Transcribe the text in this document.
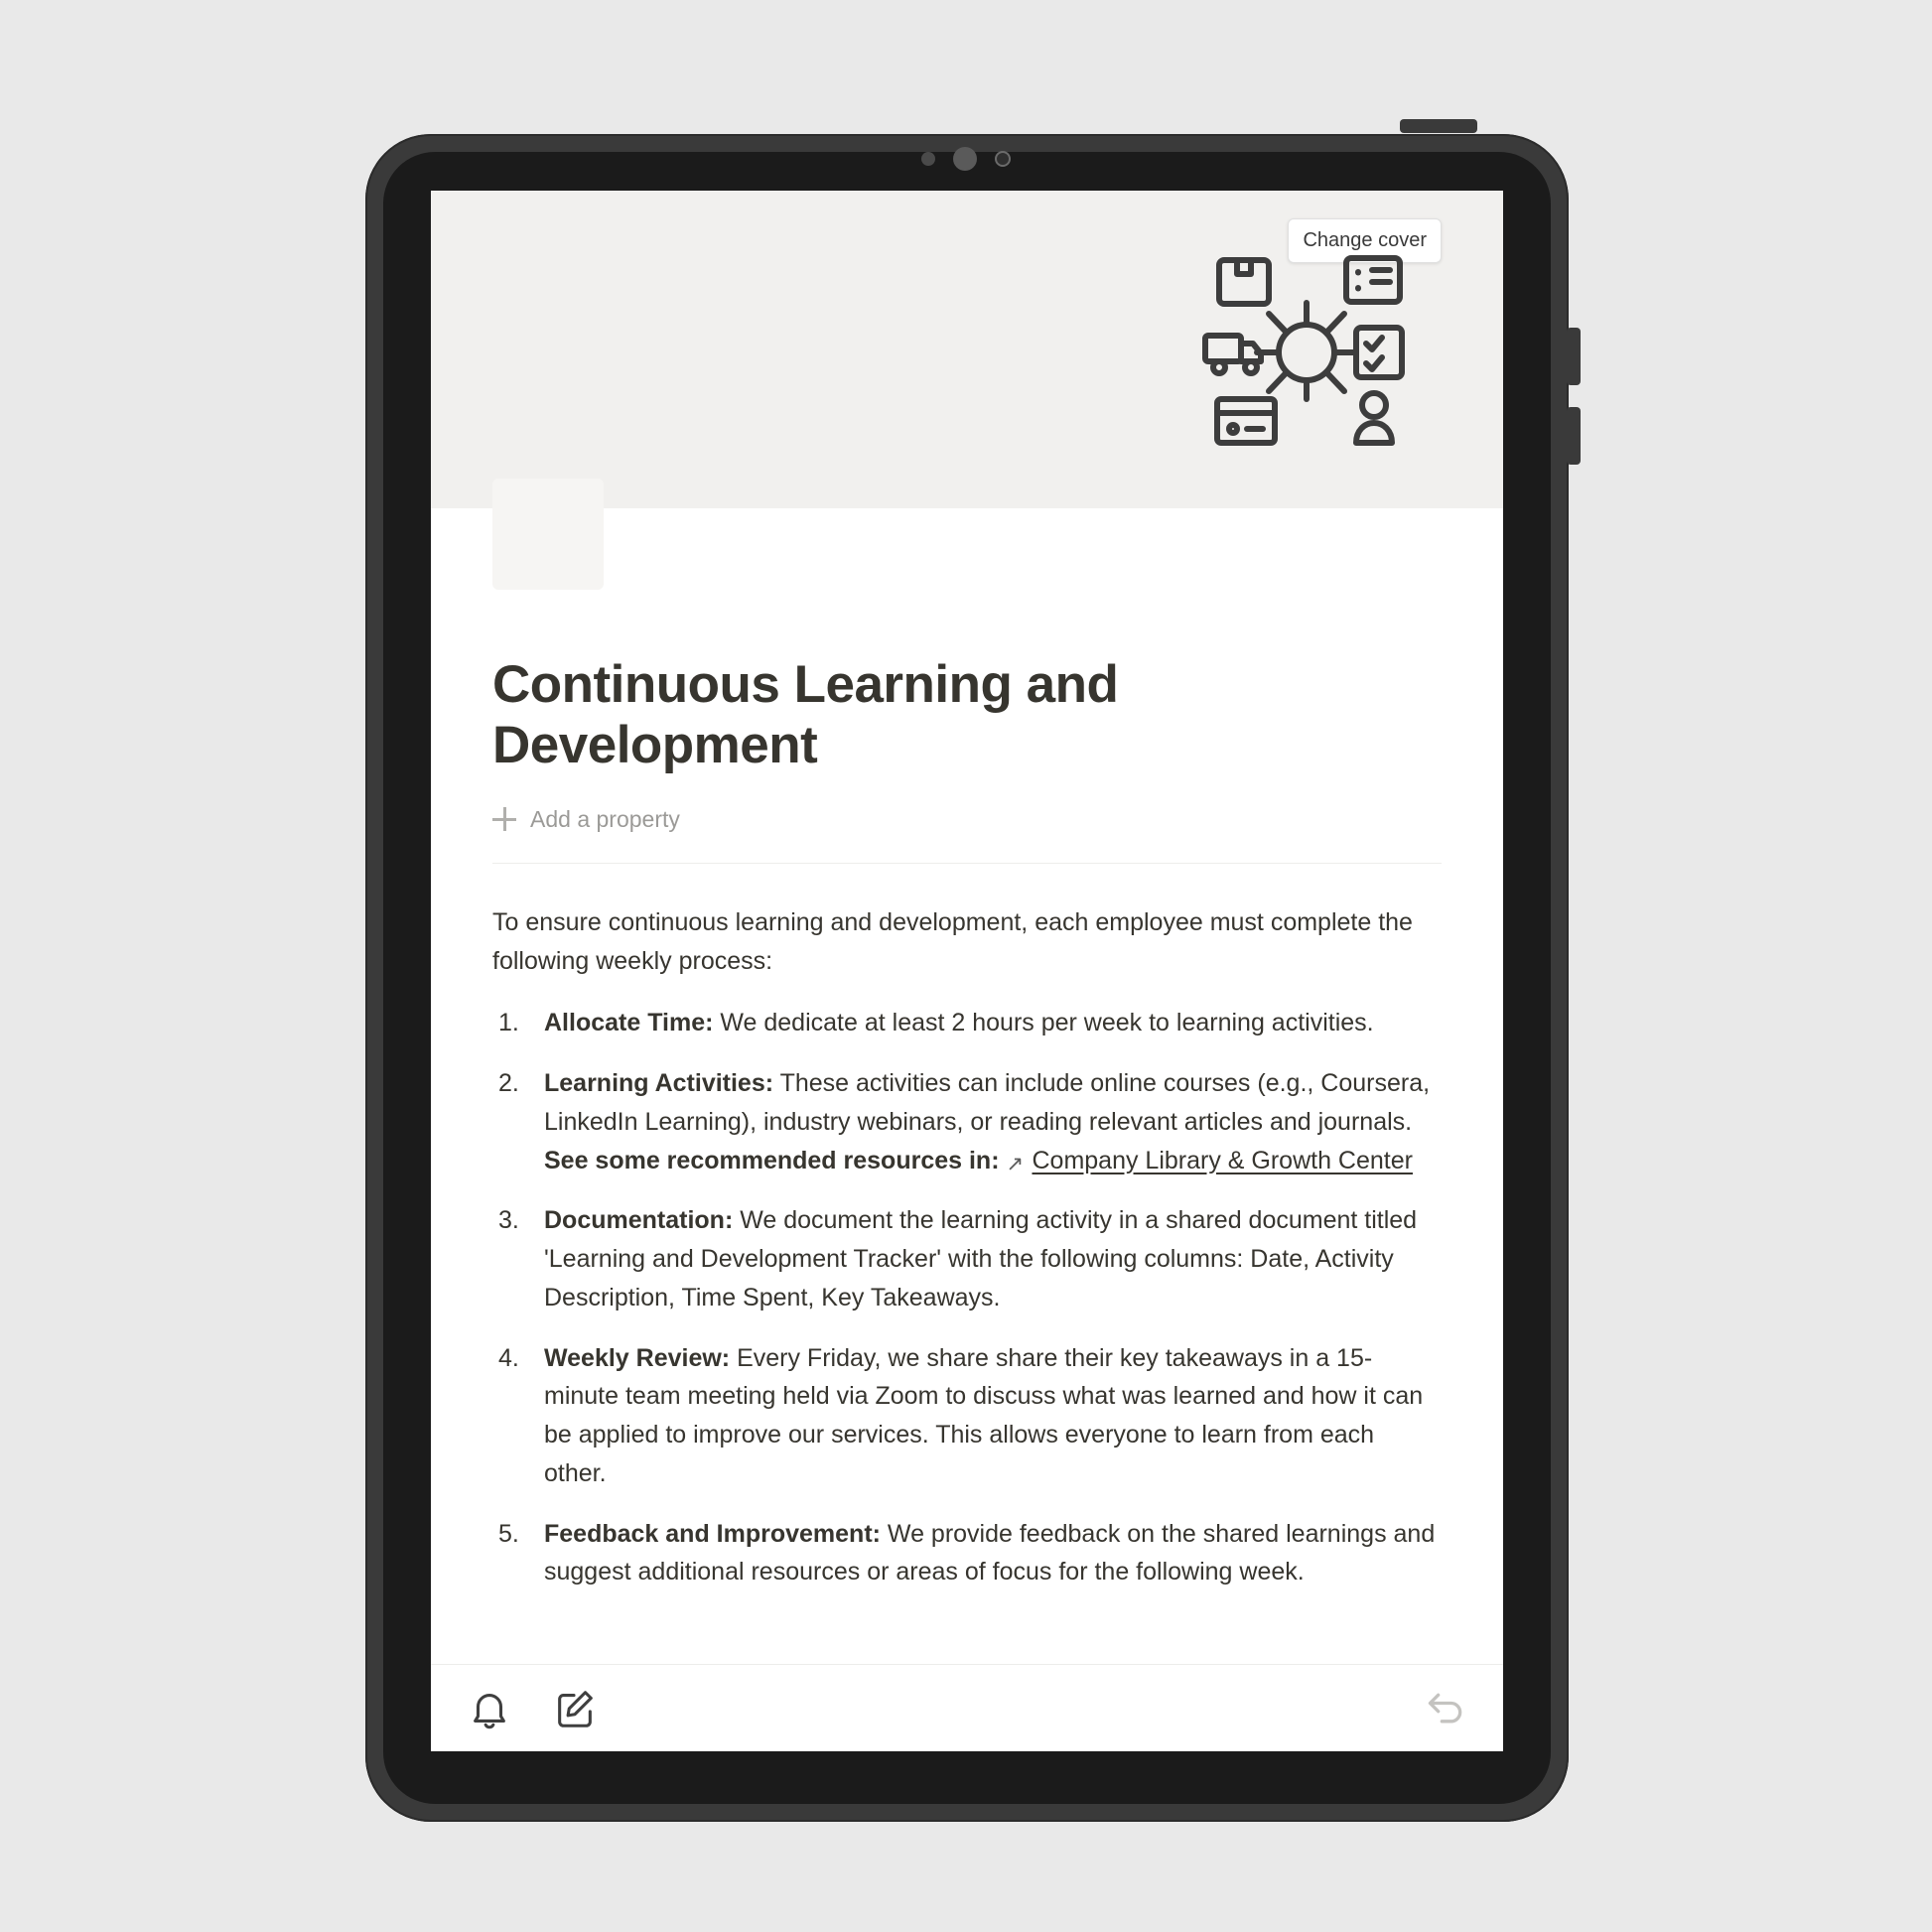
Change cover
Continuous Learning and Development
Add a property

To ensure continuous learning and development, each employee must complete the following weekly process:

Allocate Time: We dedicate at least 2 hours per week to learning activities.
Learning Activities: These activities can include online courses (e.g., Coursera, LinkedIn Learning), industry webinars, or reading relevant articles and journals. See some recommended resources in: ↗ Company Library & Growth Center
Documentation: We document the learning activity in a shared document titled 'Learning and Development Tracker' with the following columns: Date, Activity Description, Time Spent, Key Takeaways.
Weekly Review: Every Friday, we share share their key takeaways in a 15-minute team meeting held via Zoom to discuss what was learned and how it can be applied to improve our services. This allows everyone to learn from each other.
Feedback and Improvement: We provide feedback on the shared learnings and suggest additional resources or areas of focus for the following week.
